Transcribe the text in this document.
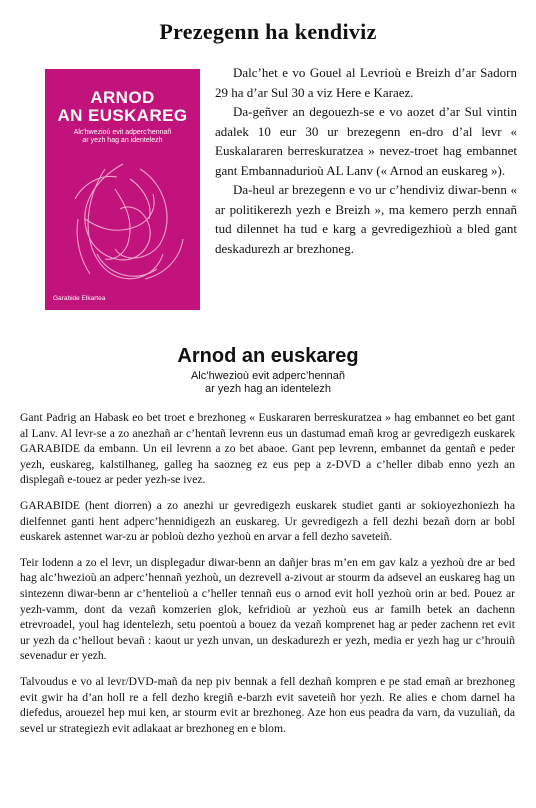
Prezegenn ha kendiviz
ARNOD
AN EUSKAREG
Alc'hwezioù evit adperc'hennañ
ar yezh hag an identelezh
Garabide Elkartea

Dalc’het e vo Gouel al Levrioù e Breizh d’ar Sadorn 29 ha d’ar Sul 30 a viz Here e Karaez.

Da-geñver an degouezh-se e vo aozet d’ar Sul vintin adalek 10 eur 30 ur brezegenn en-dro d’al levr « Euskalararen berreskuratzea » nevez-troet hag embannet gant Embannadurioù AL Lanv (« Arnod an euskareg »).

Da-heul ar brezegenn e vo ur c’hendiviz diwar-benn « ar politikerezh yezh e Breizh », ma kemero perzh ennañ tud dilennet ha tud e karg a gevredigezhioù a bled gant deskadurezh ar brezhoneg.

Arnod an euskareg
Alc’hwezioù evit adperc’hennañ
ar yezh hag an identelezh

Gant Padrig an Habask eo bet troet e brezhoneg « Euskararen berreskuratzea » hag embannet eo bet gant al Lanv. Al levr-se a zo anezhañ ar c’hentañ levrenn eus un dastumad emañ krog ar gevredigezh euskarek GARABIDE da embann. Un eil levrenn a zo bet abaoe. Gant pep levrenn, embannet da gentañ e peder yezh, euskareg, kalstilhaneg, galleg ha saozneg ez eus pep a z-DVD a c’heller dibab enno yezh an displegañ e-touez ar peder yezh-se ivez.

GARABIDE (hent diorren) a zo anezhi ur gevredigezh euskarek studiet ganti ar sokioyezhoniezh ha dielfennet ganti hent adperc’hennidigezh an euskareg. Ur gevredigezh a fell dezhi bezañ dorn ar bobl euskarek astennet war-zu ar pobloù dezho yezhoù en arvar a fell dezho saveteiñ.

Teir lodenn a zo el levr, un displegadur diwar-benn an dañjer bras m’en em gav kalz a yezhoù dre ar bed hag alc’hwezioù an adperc’hennañ yezhoù, un dezrevell a-zivout ar stourm da adsevel an euskareg hag un sintezenn diwar-benn ar c’hentelioù a c’heller tennañ eus o arnod evit holl yezhoù orin ar bed. Pouez ar yezh-vamm, dont da vezañ komzerien glok, kefridioù ar yezhoù eus ar familh betek an dachenn etrevroadel, youl hag identelezh, setu poentoù a bouez da vezañ komprenet hag ar peder zachenn ret evit ur yezh da c’hellout bevañ : kaout ur yezh unvan, un deskadurezh er yezh, media er yezh hag ur c’hrouiñ sevenadur er yezh.

Talvoudus e vo al levr/DVD-mañ da nep piv bennak a fell dezhañ kompren e pe stad emañ ar brezhoneg evit gwir ha d’an holl re a fell dezho kregiñ e-barzh evit saveteiñ hor yezh. Re alies e chom darnel ha diefedus, arouezel hep mui ken, ar stourm evit ar brezhoneg. Aze hon eus peadra da varn, da vuzuliañ, da sevel ur strategiezh evit adlakaat ar brezhoneg en e blom.
